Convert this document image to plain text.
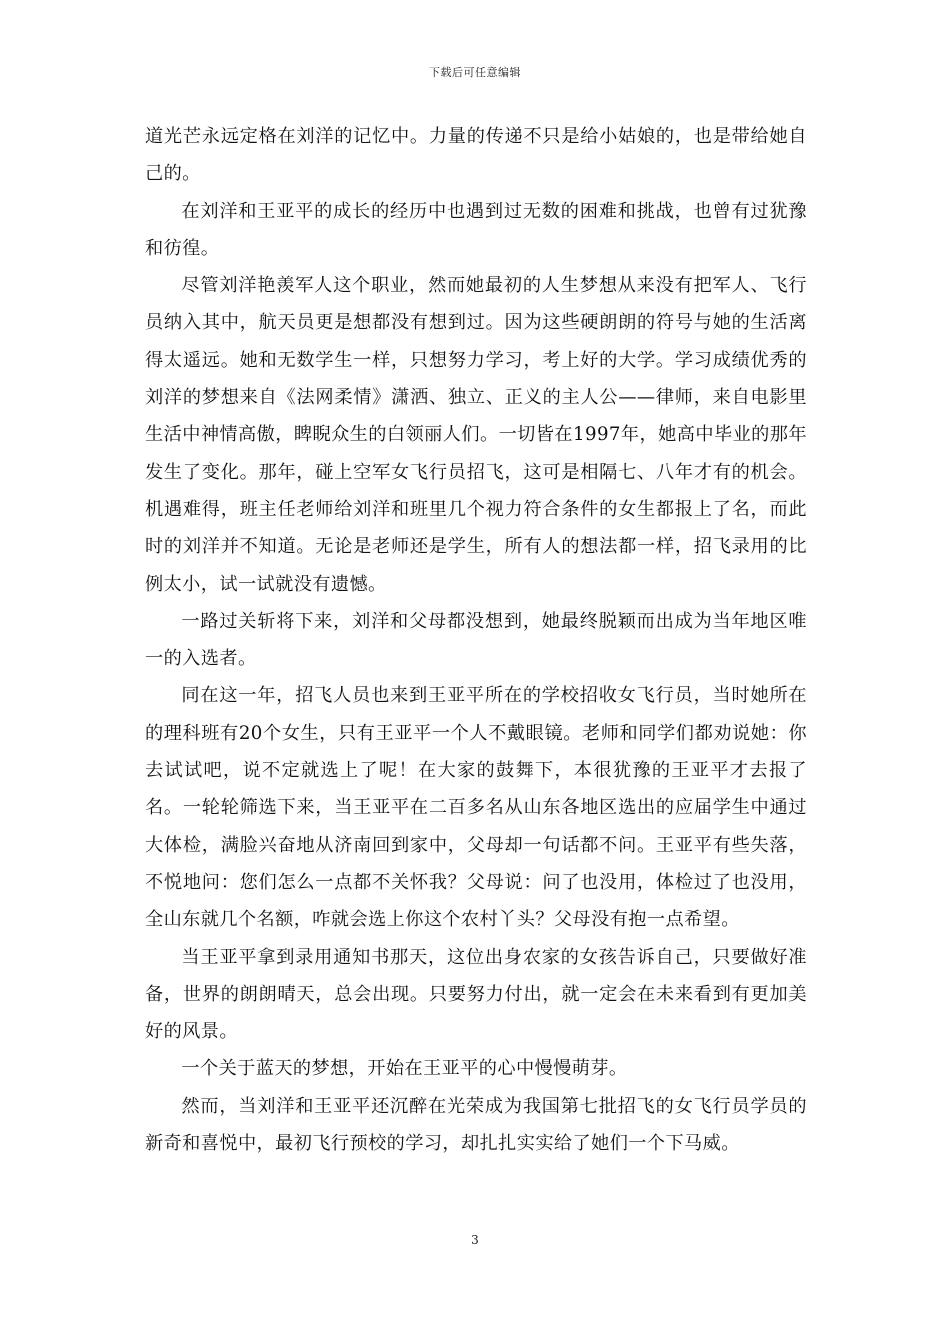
下载后可任意编辑

道光芒永远定格在刘洋的记忆中。力量的传递不只是给小姑娘的，也是带给她自己的。

在刘洋和王亚平的成长的经历中也遇到过无数的困难和挑战，也曾有过犹豫和彷徨。

尽管刘洋艳羡军人这个职业，然而她最初的人生梦想从来没有把军人、飞行员纳入其中，航天员更是想都没有想到过。因为这些硬朗朗的符号与她的生活离得太遥远。她和无数学生一样，只想努力学习，考上好的大学。学习成绩优秀的刘洋的梦想来自《法网柔情》潇洒、独立、正义的主人公——律师，来自电影里生活中神情高傲，睥睨众生的白领丽人们。一切皆在1997年，她高中毕业的那年发生了变化。那年，碰上空军女飞行员招飞，这可是相隔七、八年才有的机会。机遇难得，班主任老师给刘洋和班里几个视力符合条件的女生都报上了名，而此时的刘洋并不知道。无论是老师还是学生，所有人的想法都一样，招飞录用的比例太小，试一试就没有遗憾。

一路过关斩将下来，刘洋和父母都没想到，她最终脱颖而出成为当年地区唯一的入选者。

同在这一年，招飞人员也来到王亚平所在的学校招收女飞行员，当时她所在的理科班有20个女生，只有王亚平一个人不戴眼镜。老师和同学们都劝说她：你去试试吧，说不定就选上了呢！在大家的鼓舞下，本很犹豫的王亚平才去报了名。一轮轮筛选下来，当王亚平在二百多名从山东各地区选出的应届学生中通过大体检，满脸兴奋地从济南回到家中，父母却一句话都不问。王亚平有些失落，不悦地问：您们怎么一点都不关怀我？父母说：问了也没用，体检过了也没用，全山东就几个名额，咋就会选上你这个农村丫头？父母没有抱一点希望。

当王亚平拿到录用通知书那天，这位出身农家的女孩告诉自己，只要做好准备，世界的朗朗晴天，总会出现。只要努力付出，就一定会在未来看到有更加美好的风景。

一个关于蓝天的梦想，开始在王亚平的心中慢慢萌芽。

然而，当刘洋和王亚平还沉醉在光荣成为我国第七批招飞的女飞行员学员的新奇和喜悦中，最初飞行预校的学习，却扎扎实实给了她们一个下马威。

3
